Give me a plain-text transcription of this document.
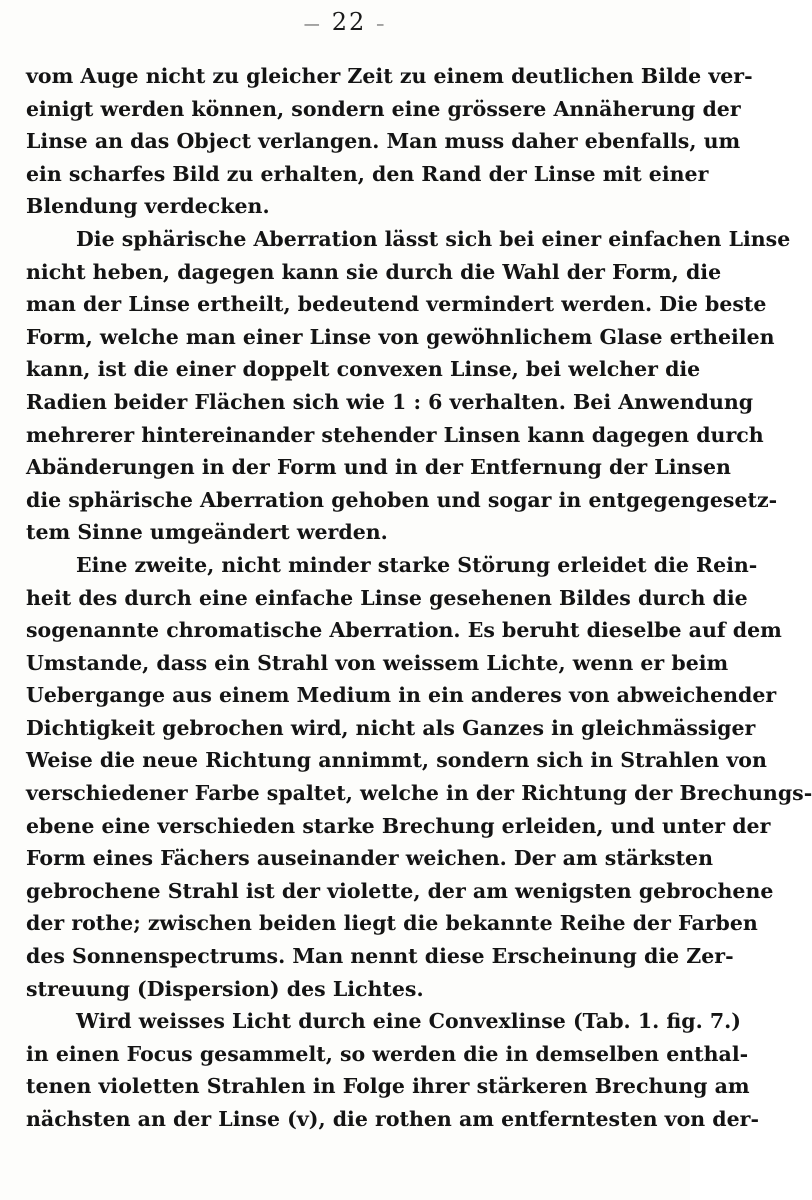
— 22 –
vom Auge nicht zu gleicher Zeit zu einem deutlichen Bilde ver-
einigt werden können, sondern eine grössere Annäherung der
Linse an das Object verlangen. Man muss daher ebenfalls, um
ein scharfes Bild zu erhalten, den Rand der Linse mit einer
Blendung verdecken.
Die sphärische Aberration lässt sich bei einer einfachen Linse
nicht heben, dagegen kann sie durch die Wahl der Form, die
man der Linse ertheilt, bedeutend vermindert werden. Die beste
Form, welche man einer Linse von gewöhnlichem Glase ertheilen
kann, ist die einer doppelt convexen Linse, bei welcher die
Radien beider Flächen sich wie 1 : 6 verhalten. Bei Anwendung
mehrerer hintereinander stehender Linsen kann dagegen durch
Abänderungen in der Form und in der Entfernung der Linsen
die sphärische Aberration gehoben und sogar in entgegengesetz-
tem Sinne umgeändert werden.
Eine zweite, nicht minder starke Störung erleidet die Rein-
heit des durch eine einfache Linse gesehenen Bildes durch die
sogenannte chromatische Aberration. Es beruht dieselbe auf dem
Umstande, dass ein Strahl von weissem Lichte, wenn er beim
Uebergange aus einem Medium in ein anderes von abweichender
Dichtigkeit gebrochen wird, nicht als Ganzes in gleichmässiger
Weise die neue Richtung annimmt, sondern sich in Strahlen von
verschiedener Farbe spaltet, welche in der Richtung der Brechungs-
ebene eine verschieden starke Brechung erleiden, und unter der
Form eines Fächers auseinander weichen. Der am stärksten
gebrochene Strahl ist der violette, der am wenigsten gebrochene
der rothe; zwischen beiden liegt die bekannte Reihe der Farben
des Sonnenspectrums. Man nennt diese Erscheinung die Zer-
streuung (Dispersion) des Lichtes.
Wird weisses Licht durch eine Convexlinse (Tab. 1. fig. 7.)
in einen Focus gesammelt, so werden die in demselben enthal-
tenen violetten Strahlen in Folge ihrer stärkeren Brechung am
nächsten an der Linse (v), die rothen am entferntesten von der-
